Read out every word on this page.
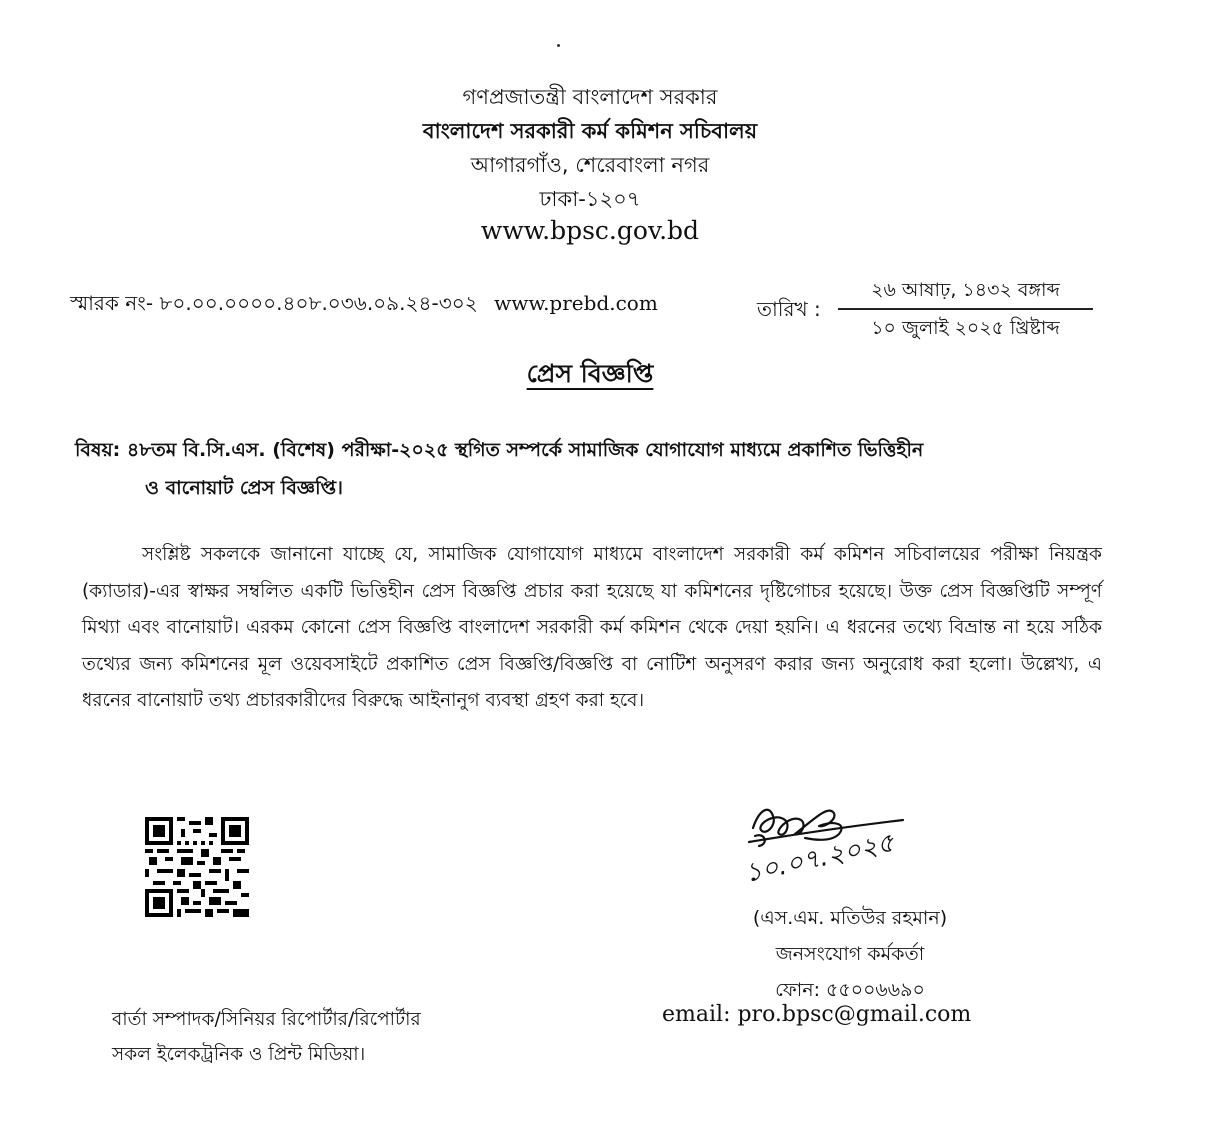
গণপ্রজাতন্ত্রী বাংলাদেশ সরকার
বাংলাদেশ সরকারী কর্ম কমিশন সচিবালয়
আগারগাঁও, শেরেবাংলা নগর
ঢাকা-১২০৭
www.bpsc.gov.bd
স্মারক নং- ৮০.০০.০০০০.৪০৮.০৩৬.০৯.২৪-৩০২ www.prebd.com	তারিখ :
২৬ আষাঢ়, ১৪৩২ বঙ্গাব্দ
১০ জুলাই ২০২৫ খ্রিষ্টাব্দ
প্রেস বিজ্ঞপ্তি
বিষয়: ৪৮তম বি.সি.এস. (বিশেষ) পরীক্ষা-২০২৫ স্থগিত সম্পর্কে সামাজিক যোগাযোগ মাধ্যমে প্রকাশিত ভিত্তিহীন
ও বানোয়াট প্রেস বিজ্ঞপ্তি।
সংশ্লিষ্ট সকলকে জানানো যাচ্ছে যে, সামাজিক যোগাযোগ মাধ্যমে বাংলাদেশ সরকারী কর্ম কমিশন সচিবালয়ের পরীক্ষা নিয়ন্ত্রক (ক্যাডার)-এর স্বাক্ষর সম্বলিত একটি ভিত্তিহীন প্রেস বিজ্ঞপ্তি প্রচার করা হয়েছে যা কমিশনের দৃষ্টিগোচর হয়েছে। উক্ত প্রেস বিজ্ঞপ্তিটি সম্পূর্ণ মিথ্যা এবং বানোয়াট। এরকম কোনো প্রেস বিজ্ঞপ্তি বাংলাদেশ সরকারী কর্ম কমিশন থেকে দেয়া হয়নি। এ ধরনের তথ্যে বিভ্রান্ত না হয়ে সঠিক তথ্যের জন্য কমিশনের মূল ওয়েবসাইটে প্রকাশিত প্রেস বিজ্ঞপ্তি/বিজ্ঞপ্তি বা নোটিশ অনুসরণ করার জন্য অনুরোধ করা হলো। উল্লেখ্য, এ ধরনের বানোয়াট তথ্য প্রচারকারীদের বিরুদ্ধে আইনানুগ ব্যবস্থা গ্রহণ করা হবে।
১০.০৭.২০২৫
(এস.এম. মতিউর রহমান)
জনসংযোগ কর্মকর্তা
ফোন: ৫৫০০৬৬৯০
email: pro.bpsc@gmail.com
বার্তা সম্পাদক/সিনিয়র রিপোর্টার/রিপোর্টার
সকল ইলেকট্রনিক ও প্রিন্ট মিডিয়া।
